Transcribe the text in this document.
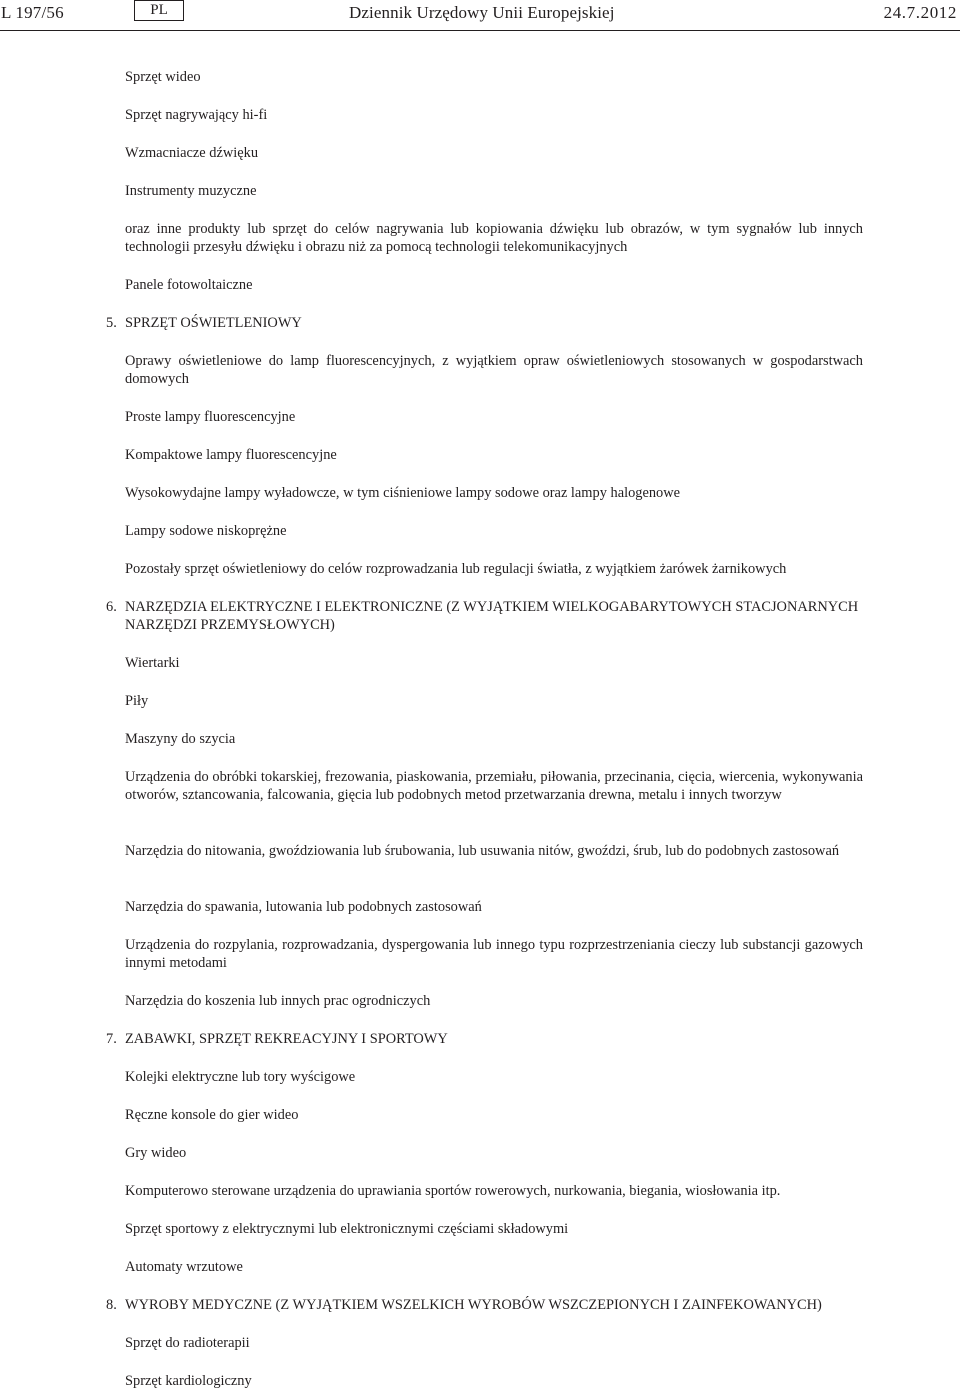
L 197/56	PL	Dziennik Urzędowy Unii Europejskiej	24.7.2012
Sprzęt wideo
Sprzęt nagrywający hi-fi
Wzmacniacze dźwięku
Instrumenty muzyczne
oraz inne produkty lub sprzęt do celów nagrywania lub kopiowania dźwięku lub obrazów, w tym sygnałów lub innych technologii przesyłu dźwięku i obrazu niż za pomocą technologii telekomunikacyjnych
Panele fotowoltaiczne
5. SPRZĘT OŚWIETLENIOWY
Oprawy oświetleniowe do lamp fluorescencyjnych, z wyjątkiem opraw oświetleniowych stosowanych w gospodarstwach domowych
Proste lampy fluorescencyjne
Kompaktowe lampy fluorescencyjne
Wysokowydajne lampy wyładowcze, w tym ciśnieniowe lampy sodowe oraz lampy halogenowe
Lampy sodowe niskoprężne
Pozostały sprzęt oświetleniowy do celów rozprowadzania lub regulacji światła, z wyjątkiem żarówek żarnikowych
6. NARZĘDZIA ELEKTRYCZNE I ELEKTRONICZNE (Z WYJĄTKIEM WIELKOGABARYTOWYCH STACJONARNYCH
NARZĘDZI PRZEMYSŁOWYCH)
Wiertarki
Piły
Maszyny do szycia
Urządzenia do obróbki tokarskiej, frezowania, piaskowania, przemiału, piłowania, przecinania, cięcia, wiercenia, wykonywania otworów, sztancowania, falcowania, gięcia lub podobnych metod przetwarzania drewna, metalu i innych tworzyw
Narzędzia do nitowania, gwoździowania lub śrubowania, lub usuwania nitów, gwoździ, śrub, lub do podobnych zastosowań
Narzędzia do spawania, lutowania lub podobnych zastosowań
Urządzenia do rozpylania, rozprowadzania, dyspergowania lub innego typu rozprzestrzeniania cieczy lub substancji gazowych innymi metodami
Narzędzia do koszenia lub innych prac ogrodniczych
7. ZABAWKI, SPRZĘT REKREACYJNY I SPORTOWY
Kolejki elektryczne lub tory wyścigowe
Ręczne konsole do gier wideo
Gry wideo
Komputerowo sterowane urządzenia do uprawiania sportów rowerowych, nurkowania, biegania, wiosłowania itp.
Sprzęt sportowy z elektrycznymi lub elektronicznymi częściami składowymi
Automaty wrzutowe
8. WYROBY MEDYCZNE (Z WYJĄTKIEM WSZELKICH WYROBÓW WSZCZEPIONYCH I ZAINFEKOWANYCH)
Sprzęt do radioterapii
Sprzęt kardiologiczny
